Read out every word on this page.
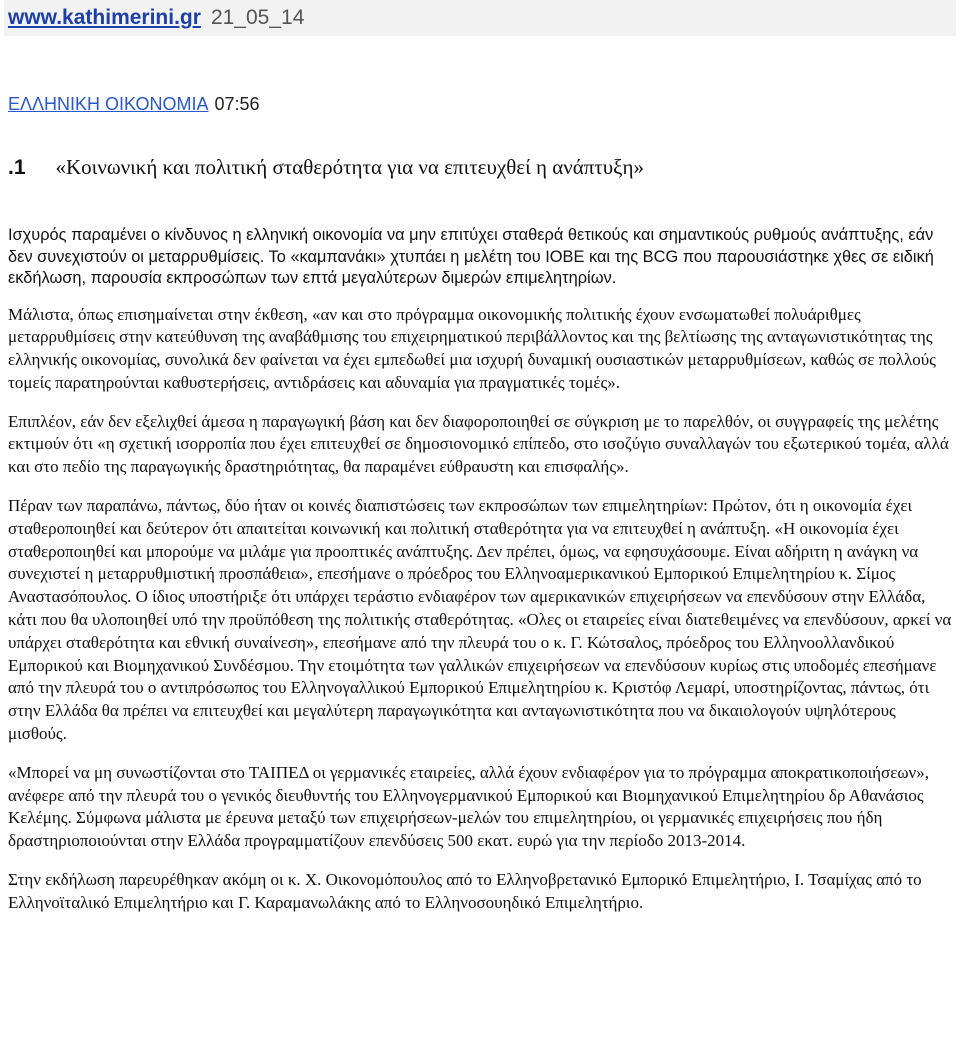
www.kathimerini.gr 21_05_14
ΕΛΛΗΝΙΚΗ ΟΙΚΟΝΟΜΙΑ 07:56
.1 «Κοινωνική και πολιτική σταθερότητα για να επιτευχθεί η ανάπτυξη»

Ισχυρός παραμένει ο κίνδυνος η ελληνική οικονομία να μην επιτύχει σταθερά θετικούς και σημαντικούς ρυθμούς ανάπτυξης, εάν δεν συνεχιστούν οι μεταρρυθμίσεις. Το «καμπανάκι» χτυπάει η μελέτη του ΙΟΒΕ και της BCG που παρουσιάστηκε χθες σε ειδική εκδήλωση, παρουσία εκπροσώπων των επτά μεγαλύτερων διμερών επιμελητηρίων.

Μάλιστα, όπως επισημαίνεται στην έκθεση, «αν και στο πρόγραμμα οικονομικής πολιτικής έχουν ενσωματωθεί πολυάριθμες μεταρρυθμίσεις στην κατεύθυνση της αναβάθμισης του επιχειρηματικού περιβάλλοντος και της βελτίωσης της ανταγωνιστικότητας της ελληνικής οικονομίας, συνολικά δεν φαίνεται να έχει εμπεδωθεί μια ισχυρή δυναμική ουσιαστικών μεταρρυθμίσεων, καθώς σε πολλούς τομείς παρατηρούνται καθυστερήσεις, αντιδράσεις και αδυναμία για πραγματικές τομές».

Επιπλέον, εάν δεν εξελιχθεί άμεσα η παραγωγική βάση και δεν διαφοροποιηθεί σε σύγκριση με το παρελθόν, οι συγγραφείς της μελέτης εκτιμούν ότι «η σχετική ισορροπία που έχει επιτευχθεί σε δημοσιονομικό επίπεδο, στο ισοζύγιο συναλλαγών του εξωτερικού τομέα, αλλά και στο πεδίο της παραγωγικής δραστηριότητας, θα παραμένει εύθραυστη και επισφαλής».

Πέραν των παραπάνω, πάντως, δύο ήταν οι κοινές διαπιστώσεις των εκπροσώπων των επιμελητηρίων: Πρώτον, ότι η οικονομία έχει σταθεροποιηθεί και δεύτερον ότι απαιτείται κοινωνική και πολιτική σταθερότητα για να επιτευχθεί η ανάπτυξη. «Η οικονομία έχει σταθεροποιηθεί και μπορούμε να μιλάμε για προοπτικές ανάπτυξης. Δεν πρέπει, όμως, να εφησυχάσουμε. Είναι αδήριτη η ανάγκη να συνεχιστεί η μεταρρυθμιστική προσπάθεια», επεσήμανε ο πρόεδρος του Ελληνοαμερικανικού Εμπορικού Επιμελητηρίου κ. Σίμος Αναστασόπουλος. Ο ίδιος υποστήριξε ότι υπάρχει τεράστιο ενδιαφέρον των αμερικανικών επιχειρήσεων να επενδύσουν στην Ελλάδα, κάτι που θα υλοποιηθεί υπό την προϋπόθεση της πολιτικής σταθερότητας. «Ολες οι εταιρείες είναι διατεθειμένες να επενδύσουν, αρκεί να υπάρχει σταθερότητα και εθνική συναίνεση», επεσήμανε από την πλευρά του ο κ. Γ. Κώτσαλος, πρόεδρος του Ελληνοολλανδικού Εμπορικού και Βιομηχανικού Συνδέσμου. Την ετοιμότητα των γαλλικών επιχειρήσεων να επενδύσουν κυρίως στις υποδομές επεσήμανε από την πλευρά του ο αντιπρόσωπος του Ελληνογαλλικού Εμπορικού Επιμελητηρίου κ. Κριστόφ Λεμαρί, υποστηρίζοντας, πάντως, ότι στην Ελλάδα θα πρέπει να επιτευχθεί και μεγαλύτερη παραγωγικότητα και ανταγωνιστικότητα που να δικαιολογούν υψηλότερους μισθούς.

«Μπορεί να μη συνωστίζονται στο ΤΑΙΠΕΔ οι γερμανικές εταιρείες, αλλά έχουν ενδιαφέρον για το πρόγραμμα αποκρατικοποιήσεων», ανέφερε από την πλευρά του ο γενικός διευθυντής του Ελληνογερμανικού Εμπορικού και Βιομηχανικού Επιμελητηρίου δρ Αθανάσιος Κελέμης. Σύμφωνα μάλιστα με έρευνα μεταξύ των επιχειρήσεων-μελών του επιμελητηρίου, οι γερμανικές επιχειρήσεις που ήδη δραστηριοποιούνται στην Ελλάδα προγραμματίζουν επενδύσεις 500 εκατ. ευρώ για την περίοδο 2013-2014.

Στην εκδήλωση παρευρέθηκαν ακόμη οι κ. Χ. Οικονομόπουλος από το Ελληνοβρετανικό Εμπορικό Επιμελητήριο, Ι. Τσαμίχας από το Ελληνοϊταλικό Επιμελητήριο και Γ. Καραμανωλάκης από το Ελληνοσουηδικό Επιμελητήριο.
